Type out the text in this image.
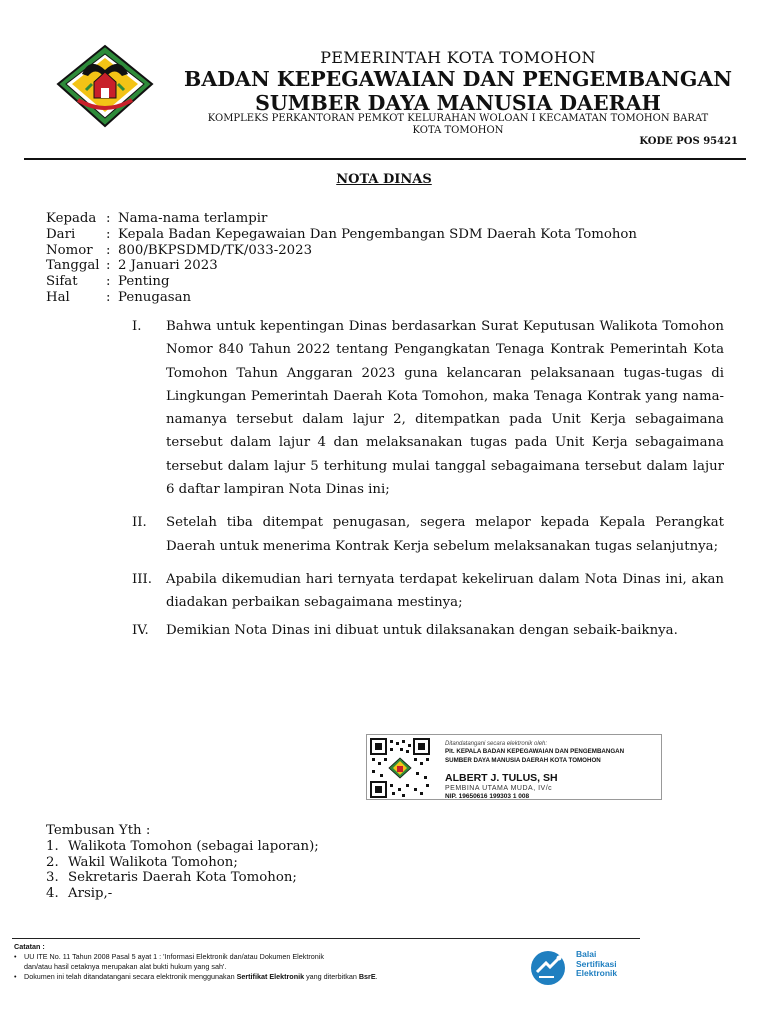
PEMERINTAH KOTA TOMOHON
BADAN KEPEGAWAIAN DAN PENGEMBANGAN
SUMBER DAYA MANUSIA DAERAH
KOMPLEKS PERKANTORAN PEMKOT KELURAHAN WOLOAN I KECAMATAN TOMOHON BARAT
KOTA TOMOHON
KODE POS 95421
NOTA DINAS
Kepada : Nama-nama terlampir
Dari	: Kepala Badan Kepegawaian Dan Pengembangan SDM Daerah Kota Tomohon
Nomor	: 800/BKPSDMD/TK/033-2023
Tanggal : 2 Januari 2023
Sifat	: Penting
Hal	: Penugasan
I.	Bahwa untuk kepentingan Dinas berdasarkan Surat Keputusan Walikota Tomohon Nomor 840 Tahun 2022 tentang Pengangkatan Tenaga Kontrak Pemerintah Kota Tomohon Tahun Anggaran 2023 guna kelancaran pelaksanaan tugas-tugas di Lingkungan Pemerintah Daerah Kota Tomohon, maka Tenaga Kontrak yang nama-namanya tersebut dalam lajur 2, ditempatkan pada Unit Kerja sebagaimana tersebut dalam lajur 4 dan melaksanakan tugas pada Unit Kerja sebagaimana tersebut dalam lajur 5 terhitung mulai tanggal sebagaimana tersebut dalam lajur 6 daftar lampiran Nota Dinas ini;
II.	Setelah tiba ditempat penugasan, segera melapor kepada Kepala Perangkat Daerah untuk menerima Kontrak Kerja sebelum melaksanakan tugas selanjutnya;
III.	Apabila dikemudian hari ternyata terdapat kekeliruan dalam Nota Dinas ini, akan diadakan perbaikan sebagaimana mestinya;
IV.	Demikian Nota Dinas ini dibuat untuk dilaksanakan dengan sebaik-baiknya.
Ditandatangani secara elektronik oleh:
Plt. KEPALA BADAN KEPEGAWAIAN DAN PENGEMBANGAN
SUMBER DAYA MANUSIA DAERAH KOTA TOMOHON
ALBERT J. TULUS, SH
PEMBINA UTAMA MUDA, IV/c
NIP. 19650616 199303 1 008
Tembusan Yth :
1. Walikota Tomohon (sebagai laporan);
2. Wakil Walikota Tomohon;
3. Sekretaris Daerah Kota Tomohon;
4. Arsip,-
Catatan :
•	UU ITE No. 11 Tahun 2008 Pasal 5 ayat 1 : 'Informasi Elektronik dan/atau Dokumen Elektronik
dan/atau hasil cetaknya merupakan alat bukti hukum yang sah'.
•	Dokumen ini telah ditandatangani secara elektronik menggunakan Sertifikat Elektronik yang diterbitkan BsrE.
Balai
Sertifikasi
Elektronik
